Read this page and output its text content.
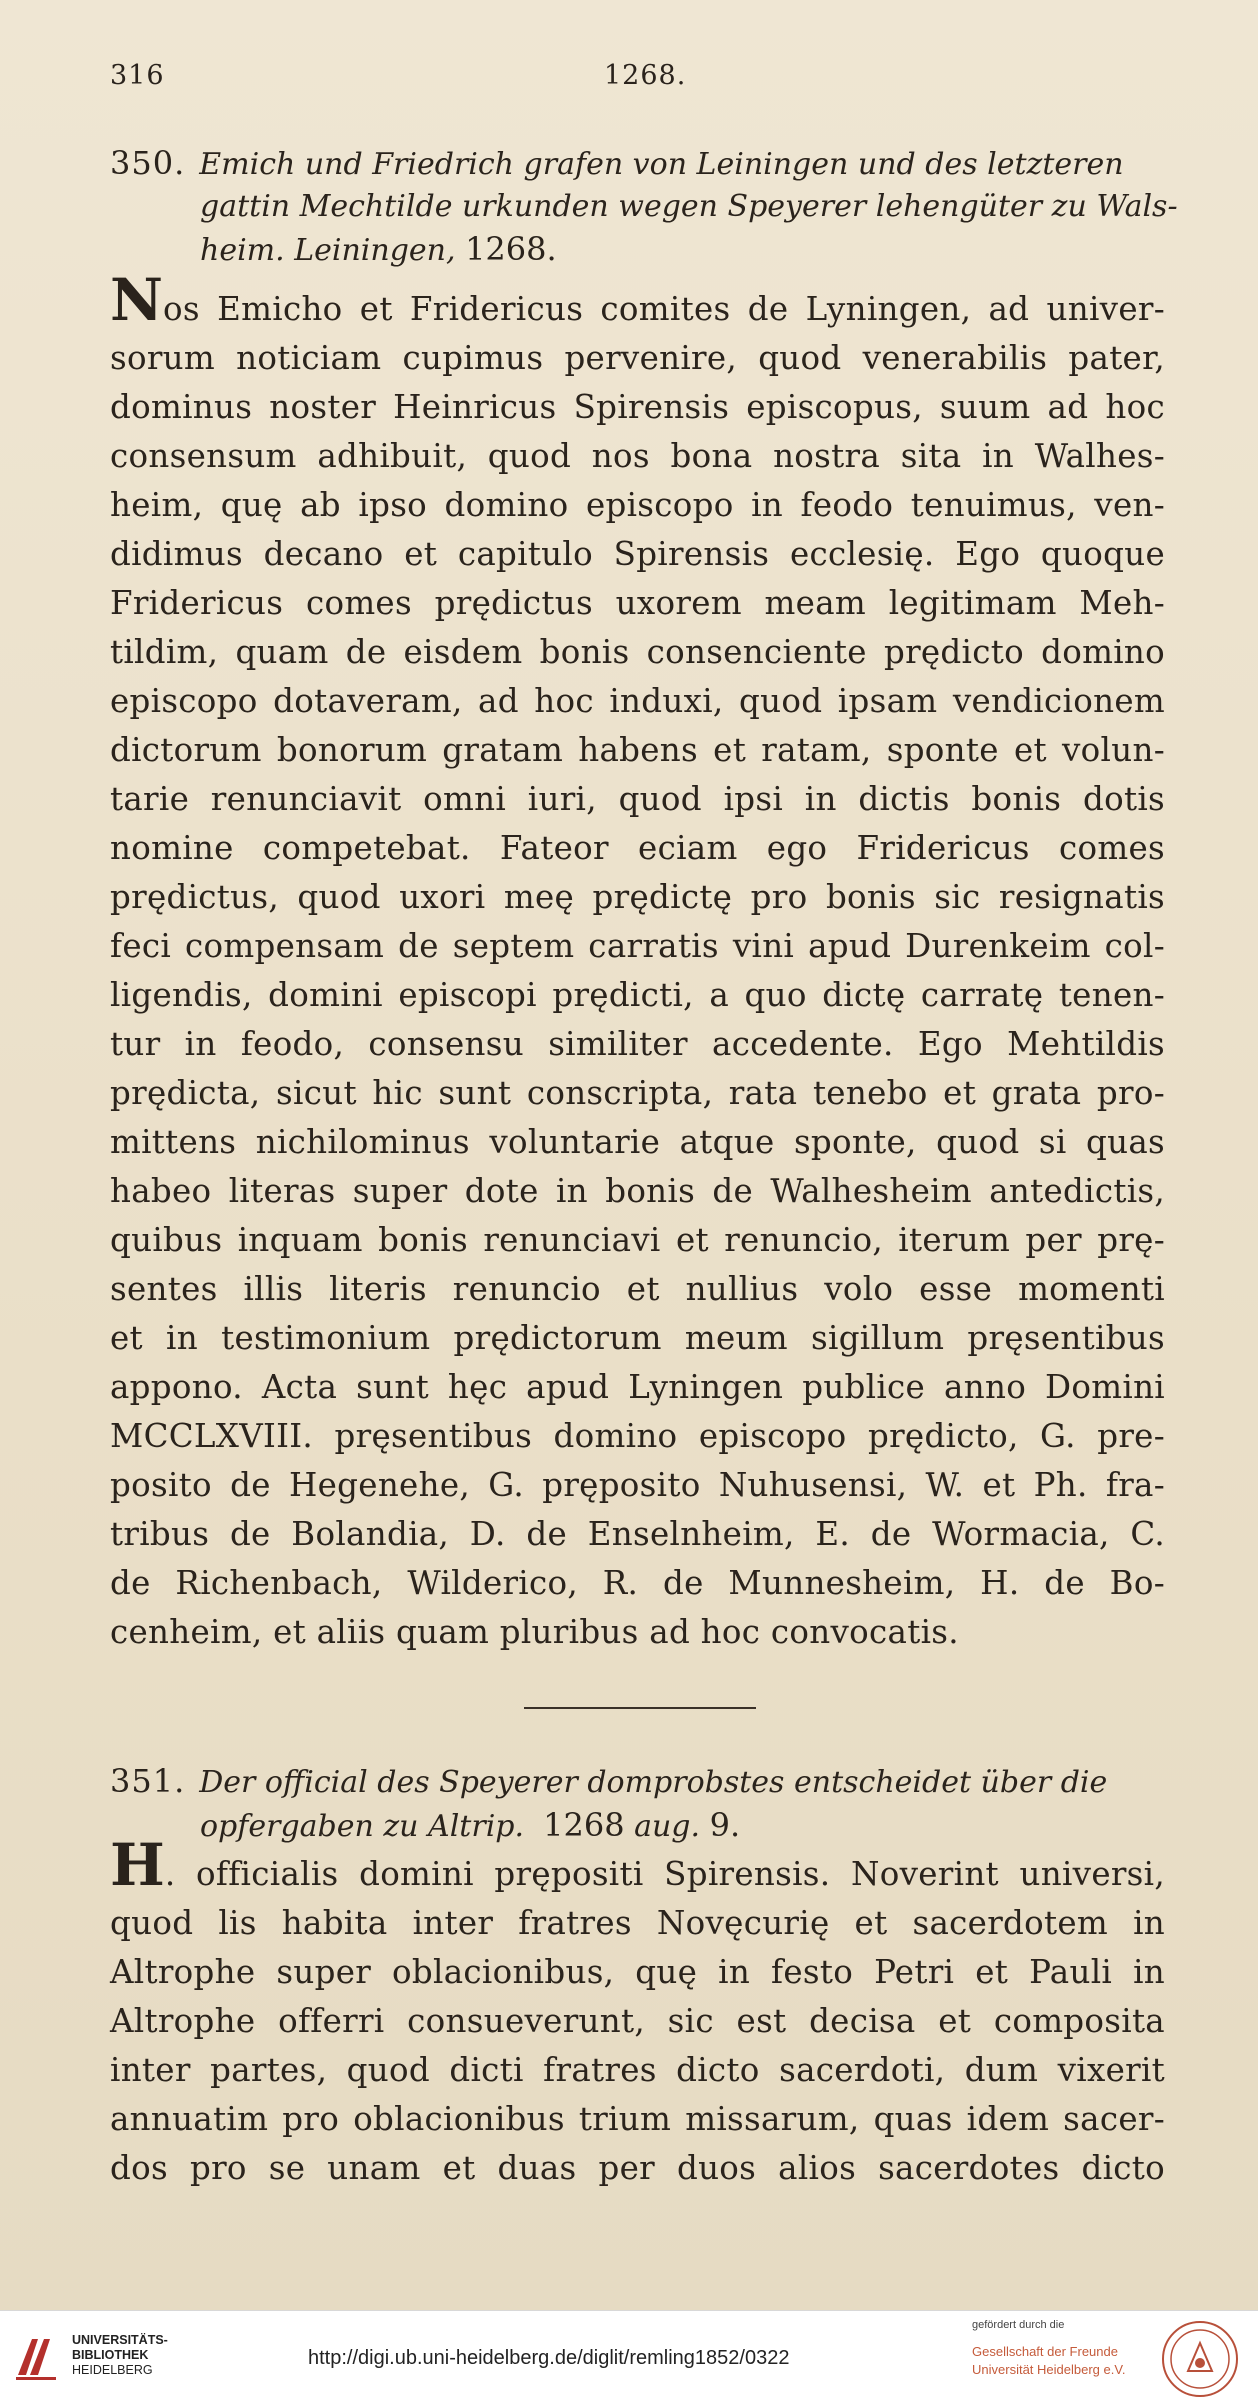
316	1268.
350. Emich und Friedrich grafen von Leiningen und des letzteren
gattin Mechtilde urkunden wegen Speyerer lehengüter zu Wals-
heim. Leiningen, 1268.
Nos Emicho et Fridericus comites de Lyningen, ad univer-
sorum noticiam cupimus pervenire, quod venerabilis pater,
dominus noster Heinricus Spirensis episcopus, suum ad hoc
consensum adhibuit, quod nos bona nostra sita in Walhes-
heim, quę ab ipso domino episcopo in feodo tenuimus, ven-
didimus decano et capitulo Spirensis ecclesię. Ego quoque
Fridericus comes prędictus uxorem meam legitimam Meh-
tildim, quam de eisdem bonis consenciente prędicto domino
episcopo dotaveram, ad hoc induxi, quod ipsam vendicionem
dictorum bonorum gratam habens et ratam, sponte et volun-
tarie renunciavit omni iuri, quod ipsi in dictis bonis dotis
nomine competebat. Fateor eciam ego Fridericus comes
prędictus, quod uxori meę prędictę pro bonis sic resignatis
feci compensam de septem carratis vini apud Durenkeim col-
ligendis, domini episcopi prędicti, a quo dictę carratę tenen-
tur in feodo, consensu similiter accedente. Ego Mehtildis
prędicta, sicut hic sunt conscripta, rata tenebo et grata pro-
mittens nichilominus voluntarie atque sponte, quod si quas
habeo literas super dote in bonis de Walhesheim antedictis,
quibus inquam bonis renunciavi et renuncio, iterum per prę-
sentes illis literis renuncio et nullius volo esse momenti
et in testimonium prędictorum meum sigillum pręsentibus
appono. Acta sunt hęc apud Lyningen publice anno Domini
MCCLXVIII. pręsentibus domino episcopo prędicto, G. pre-
posito de Hegenehe, G. pręposito Nuhusensi, W. et Ph. fra-
tribus de Bolandia, D. de Enselnheim, E. de Wormacia, C.
de Richenbach, Wilderico, R. de Munnesheim, H. de Bo-
cenheim, et aliis quam pluribus ad hoc convocatis.
351. Der official des Speyerer domprobstes entscheidet über die
opfergaben zu Altrip. 1268 aug. 9.
H. officialis domini prępositi Spirensis. Noverint universi,
quod lis habita inter fratres Novęcurię et sacerdotem in
Altrophe super oblacionibus, quę in festo Petri et Pauli in
Altrophe offerri consueverunt, sic est decisa et composita
inter partes, quod dicti fratres dicto sacerdoti, dum vixerit
annuatim pro oblacionibus trium missarum, quas idem sacer-
dos pro se unam et duas per duos alios sacerdotes dicto
UNIVERSITÄTS-
BIBLIOTHEK
HEIDELBERG
http://digi.ub.uni-heidelberg.de/diglit/remling1852/0322
gefördert durch die
Gesellschaft der Freunde
Universität Heidelberg e.V.
